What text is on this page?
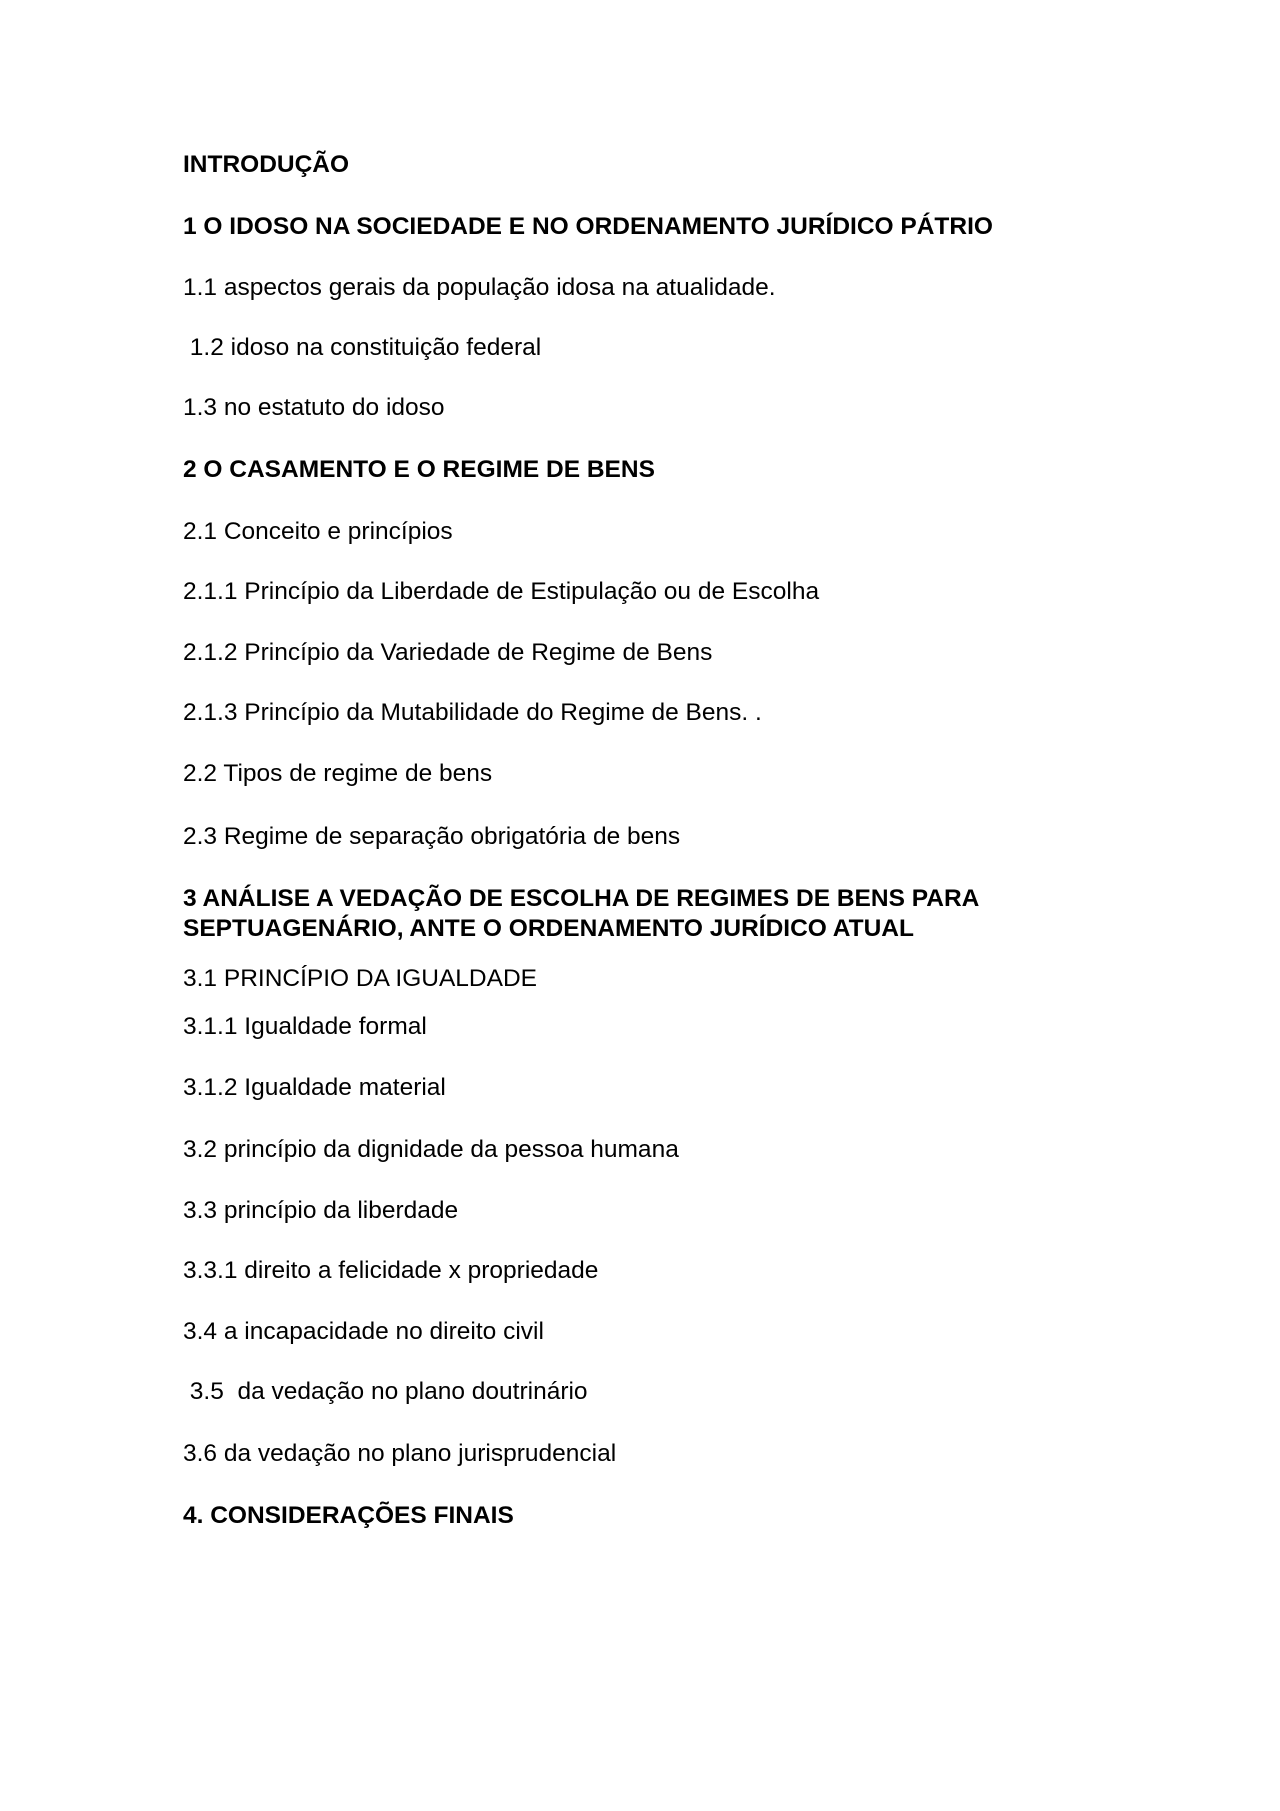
INTRODUÇÃO
1 O IDOSO NA SOCIEDADE E NO ORDENAMENTO JURÍDICO PÁTRIO
1.1 aspectos gerais da população idosa na atualidade.
1.2 idoso na constituição federal
1.3 no estatuto do idoso
2 O CASAMENTO E O REGIME DE BENS
2.1 Conceito e princípios
2.1.1 Princípio da Liberdade de Estipulação ou de Escolha
2.1.2 Princípio da Variedade de Regime de Bens
2.1.3 Princípio da Mutabilidade do Regime de Bens. .
2.2 Tipos de regime de bens
2.3 Regime de separação obrigatória de bens
3 ANÁLISE A VEDAÇÃO DE ESCOLHA DE REGIMES DE BENS PARA
SEPTUAGENÁRIO, ANTE O ORDENAMENTO JURÍDICO ATUAL
3.1 PRINCÍPIO DA IGUALDADE
3.1.1 Igualdade formal
3.1.2 Igualdade material
3.2 princípio da dignidade da pessoa humana
3.3 princípio da liberdade
3.3.1 direito a felicidade x propriedade
3.4 a incapacidade no direito civil
3.5  da vedação no plano doutrinário
3.6 da vedação no plano jurisprudencial
4. CONSIDERAÇÕES FINAIS
